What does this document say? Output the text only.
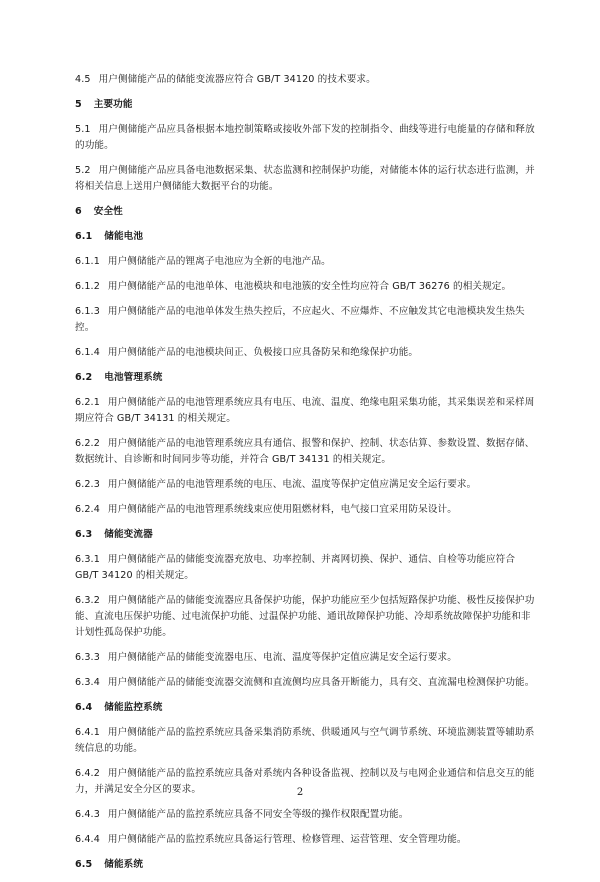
4.5 用户侧储能产品的储能变流器应符合 GB/T 34120 的技术要求。
5 主要功能
5.1 用户侧储能产品应具备根据本地控制策略或接收外部下发的控制指令、曲线等进行电能量的存储和释放的功能。
5.2 用户侧储能产品应具备电池数据采集、状态监测和控制保护功能，对储能本体的运行状态进行监测，并将相关信息上送用户侧储能大数据平台的功能。
6 安全性
6.1 储能电池
6.1.1 用户侧储能产品的锂离子电池应为全新的电池产品。
6.1.2 用户侧储能产品的电池单体、电池模块和电池簇的安全性均应符合 GB/T 36276 的相关规定。
6.1.3 用户侧储能产品的电池单体发生热失控后，不应起火、不应爆炸、不应触发其它电池模块发生热失控。
6.1.4 用户侧储能产品的电池模块间正、负极接口应具备防呆和绝缘保护功能。
6.2 电池管理系统
6.2.1 用户侧储能产品的电池管理系统应具有电压、电流、温度、绝缘电阻采集功能，其采集误差和采样周期应符合 GB/T 34131 的相关规定。
6.2.2 用户侧储能产品的电池管理系统应具有通信、报警和保护、控制、状态估算、参数设置、数据存储、数据统计、自诊断和时间同步等功能，并符合 GB/T 34131 的相关规定。
6.2.3 用户侧储能产品的电池管理系统的电压、电流、温度等保护定值应满足安全运行要求。
6.2.4 用户侧储能产品的电池管理系统线束应使用阻燃材料，电气接口宜采用防呆设计。
6.3 储能变流器
6.3.1 用户侧储能产品的储能变流器充放电、功率控制、并离网切换、保护、通信、自检等功能应符合 GB/T 34120 的相关规定。
6.3.2 用户侧储能产品的储能变流器应具备保护功能，保护功能应至少包括短路保护功能、极性反接保护功能、直流电压保护功能、过电流保护功能、过温保护功能、通讯故障保护功能、冷却系统故障保护功能和非计划性孤岛保护功能。
6.3.3 用户侧储能产品的储能变流器电压、电流、温度等保护定值应满足安全运行要求。
6.3.4 用户侧储能产品的储能变流器交流侧和直流侧均应具备开断能力，具有交、直流漏电检测保护功能。
6.4 储能监控系统
6.4.1 用户侧储能产品的监控系统应具备采集消防系统、供暖通风与空气调节系统、环境监测装置等辅助系统信息的功能。
6.4.2 用户侧储能产品的监控系统应具备对系统内各种设备监视、控制以及与电网企业通信和信息交互的能力，并满足安全分区的要求。
6.4.3 用户侧储能产品的监控系统应具备不同安全等级的操作权限配置功能。
6.4.4 用户侧储能产品的监控系统应具备运行管理、检修管理、运营管理、安全管理功能。
6.5 储能系统
2
